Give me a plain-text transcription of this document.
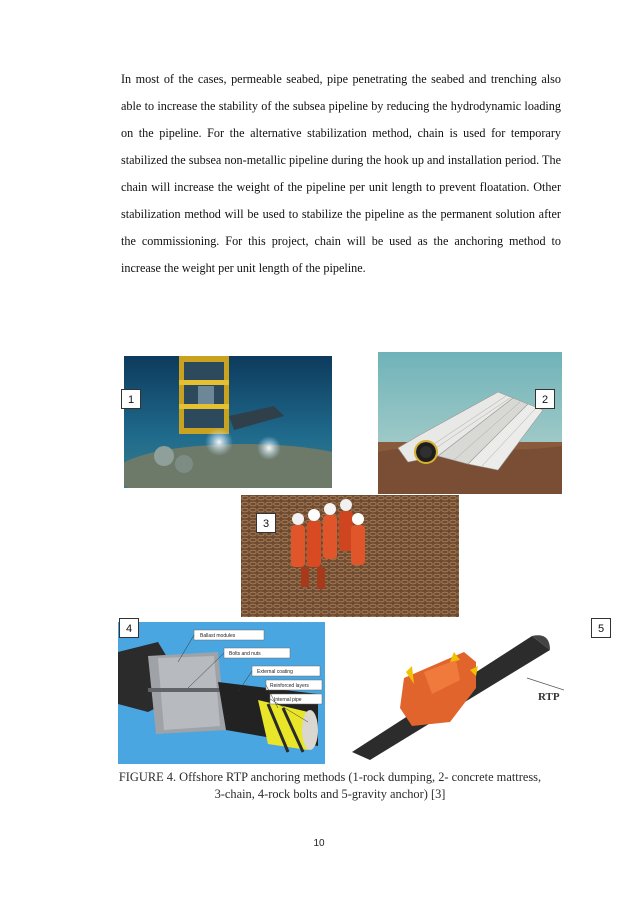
In most of the cases, permeable seabed, pipe penetrating the seabed and trenching also able to increase the stability of the subsea pipeline by reducing the hydrodynamic loading on the pipeline. For the alternative stabilization method, chain is used for temporary stabilized the subsea non-metallic pipeline during the hook up and installation period. The chain will increase the weight of the pipeline per unit length to prevent floatation. Other stabilization method will be used to stabilize the pipeline as the permanent solution after the commissioning. For this project, chain will be used as the anchoring method to increase the weight per unit length of the pipeline.

Ballast modules
Bolts and nuts
External coating
Reinforced layers
Internal pipe	RTP
1	2
3
4	5

FIGURE 4. Offshore RTP anchoring methods (1-rock dumping, 2- concrete mattress,
3-chain, 4-rock bolts and 5-gravity anchor) [3]

10
